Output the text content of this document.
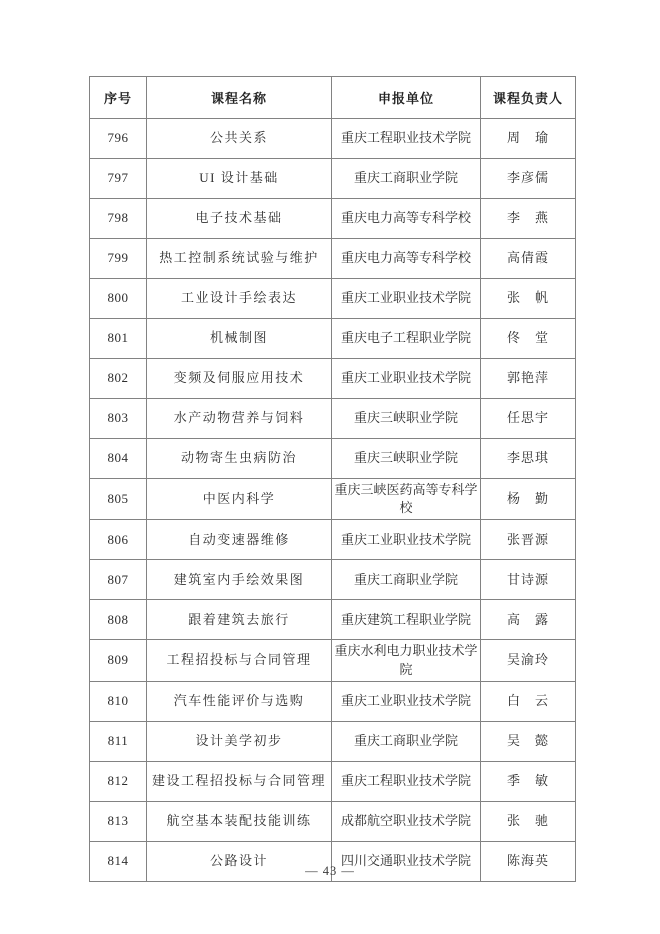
序号	课程名称	申报单位	课程负责人
796	公共关系	重庆工程职业技术学院	周　瑜
797	UI 设计基础	重庆工商职业学院	李彦儒
798	电子技术基础	重庆电力高等专科学校	李　燕
799	热工控制系统试验与维护	重庆电力高等专科学校	高倩霞
800	工业设计手绘表达	重庆工业职业技术学院	张　帆
801	机械制图	重庆电子工程职业学院	佟　堂
802	变频及伺服应用技术	重庆工业职业技术学院	郭艳萍
803	水产动物营养与饲料	重庆三峡职业学院	任思宇
804	动物寄生虫病防治	重庆三峡职业学院	李思琪
805	中医内科学	重庆三峡医药高等专科学校	杨　勤
806	自动变速器维修	重庆工业职业技术学院	张晋源
807	建筑室内手绘效果图	重庆工商职业学院	甘诗源
808	跟着建筑去旅行	重庆建筑工程职业学院	高　露
809	工程招投标与合同管理	重庆水利电力职业技术学院	吴渝玲
810	汽车性能评价与选购	重庆工业职业技术学院	白　云
811	设计美学初步	重庆工商职业学院	吴　懿
812	建设工程招投标与合同管理	重庆工程职业技术学院	季　敏
813	航空基本装配技能训练	成都航空职业技术学院	张　驰
814	公路设计	四川交通职业技术学院	陈海英
— 43 —
